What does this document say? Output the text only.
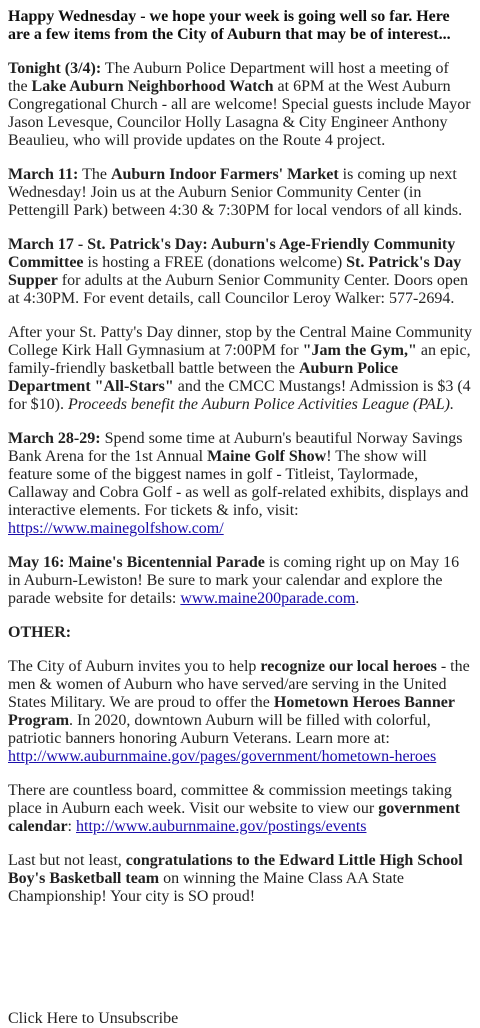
Happy Wednesday - we hope your week is going well so far. Here are a few items from the City of Auburn that may be of interest...

Tonight (3/4): The Auburn Police Department will host a meeting of the Lake Auburn Neighborhood Watch at 6PM at the West Auburn Congregational Church - all are welcome! Special guests include Mayor Jason Levesque, Councilor Holly Lasagna & City Engineer Anthony Beaulieu, who will provide updates on the Route 4 project.

March 11: The Auburn Indoor Farmers' Market is coming up next Wednesday! Join us at the Auburn Senior Community Center (in Pettengill Park) between 4:30 & 7:30PM for local vendors of all kinds.

March 17 - St. Patrick's Day: Auburn's Age-Friendly Community Committee is hosting a FREE (donations welcome) St. Patrick's Day Supper for adults at the Auburn Senior Community Center. Doors open at 4:30PM. For event details, call Councilor Leroy Walker: 577-2694.

After your St. Patty's Day dinner, stop by the Central Maine Community College Kirk Hall Gymnasium at 7:00PM for "Jam the Gym," an epic, family-friendly basketball battle between the Auburn Police Department "All-Stars" and the CMCC Mustangs! Admission is $3 (4 for $10). Proceeds benefit the Auburn Police Activities League (PAL).

March 28-29: Spend some time at Auburn's beautiful Norway Savings Bank Arena for the 1st Annual Maine Golf Show! The show will feature some of the biggest names in golf - Titleist, Taylormade, Callaway and Cobra Golf - as well as golf-related exhibits, displays and interactive elements. For tickets & info, visit: https://www.mainegolfshow.com/

May 16: Maine's Bicentennial Parade is coming right up on May 16 in Auburn-Lewiston! Be sure to mark your calendar and explore the parade website for details: www.maine200parade.com.

OTHER:

The City of Auburn invites you to help recognize our local heroes - the men & women of Auburn who have served/are serving in the United States Military. We are proud to offer the Hometown Heroes Banner Program. In 2020, downtown Auburn will be filled with colorful, patriotic banners honoring Auburn Veterans. Learn more at: http://www.auburnmaine.gov/pages/government/hometown-heroes

There are countless board, committee & commission meetings taking place in Auburn each week. Visit our website to view our government calendar: http://www.auburnmaine.gov/postings/events

Last but not least, congratulations to the Edward Little High School Boy's Basketball team on winning the Maine Class AA State Championship! Your city is SO proud!

Click Here to Unsubscribe
